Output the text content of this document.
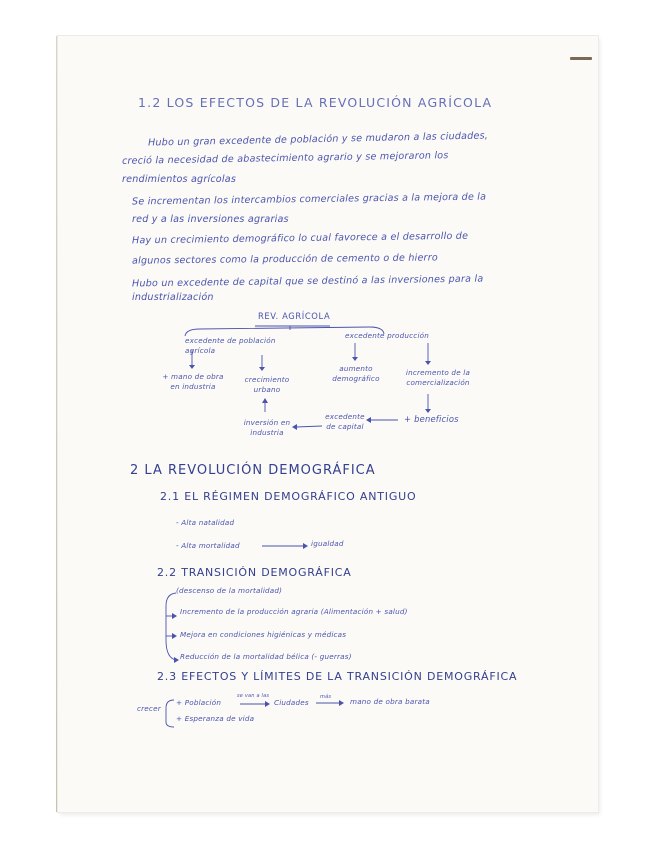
1.2 LOS EFECTOS DE LA REVOLUCIÓN AGRÍCOLA
Hubo un gran excedente de población y se mudaron a las ciudades,
creció la necesidad de abastecimiento agrario y se mejoraron los
rendimientos agrícolas
Se incrementan los intercambios comerciales gracias a la mejora de la
red y a las inversiones agrarias
Hay un crecimiento demográfico lo cual favorece a el desarrollo de
algunos sectores como la producción de cemento o de hierro
Hubo un excedente de capital que se destinó a las inversiones para la
industrialización
REV. AGRÍCOLA
excedente de población agrícola
excedente producción
+ mano de obra en industria
crecimiento urbano
aumento demográfico
incremento de la comercialización
+ beneficios
excedente de capital
inversión en industria
2 LA REVOLUCIÓN DEMOGRÁFICA
2.1 EL RÉGIMEN DEMOGRÁFICO ANTIGUO
- Alta natalidad
- Alta mortalidad	igualdad
2.2 TRANSICIÓN DEMOGRÁFICA
(descenso de la mortalidad)
Incremento de la producción agraria (Alimentación + salud)
Mejora en condiciones higiénicas y médicas
Reducción de la mortalidad bélica (- guerras)
2.3 EFECTOS Y LÍMITES DE LA TRANSICIÓN DEMOGRÁFICA
crecer
+ Población
se van a las
Ciudades
más	mano de obra barata
+ Esperanza de vida
